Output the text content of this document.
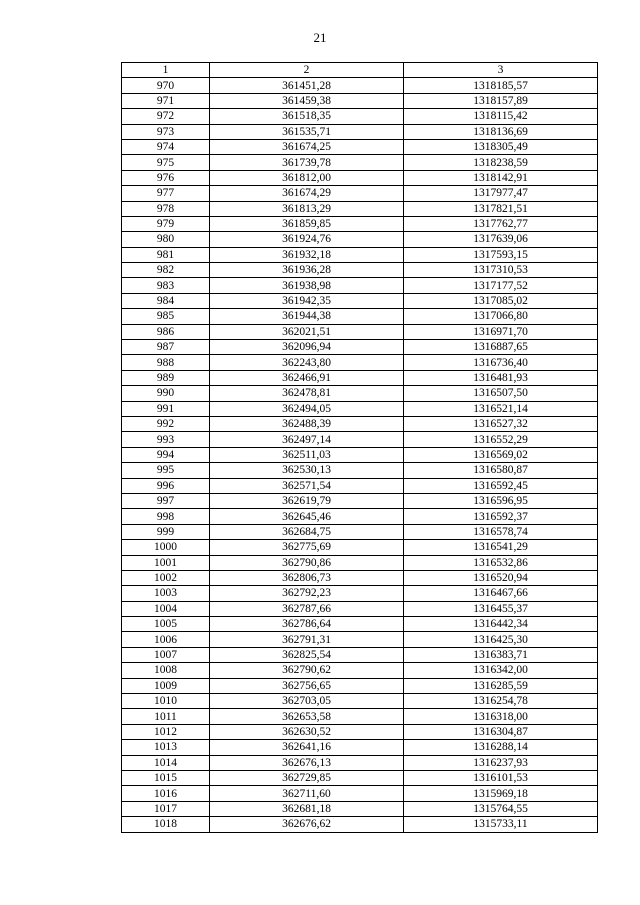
21
1	2	3
970	361451,28	1318185,57
971	361459,38	1318157,89
972	361518,35	1318115,42
973	361535,71	1318136,69
974	361674,25	1318305,49
975	361739,78	1318238,59
976	361812,00	1318142,91
977	361674,29	1317977,47
978	361813,29	1317821,51
979	361859,85	1317762,77
980	361924,76	1317639,06
981	361932,18	1317593,15
982	361936,28	1317310,53
983	361938,98	1317177,52
984	361942,35	1317085,02
985	361944,38	1317066,80
986	362021,51	1316971,70
987	362096,94	1316887,65
988	362243,80	1316736,40
989	362466,91	1316481,93
990	362478,81	1316507,50
991	362494,05	1316521,14
992	362488,39	1316527,32
993	362497,14	1316552,29
994	362511,03	1316569,02
995	362530,13	1316580,87
996	362571,54	1316592,45
997	362619,79	1316596,95
998	362645,46	1316592,37
999	362684,75	1316578,74
1000	362775,69	1316541,29
1001	362790,86	1316532,86
1002	362806,73	1316520,94
1003	362792,23	1316467,66
1004	362787,66	1316455,37
1005	362786,64	1316442,34
1006	362791,31	1316425,30
1007	362825,54	1316383,71
1008	362790,62	1316342,00
1009	362756,65	1316285,59
1010	362703,05	1316254,78
1011	362653,58	1316318,00
1012	362630,52	1316304,87
1013	362641,16	1316288,14
1014	362676,13	1316237,93
1015	362729,85	1316101,53
1016	362711,60	1315969,18
1017	362681,18	1315764,55
1018	362676,62	1315733,11
